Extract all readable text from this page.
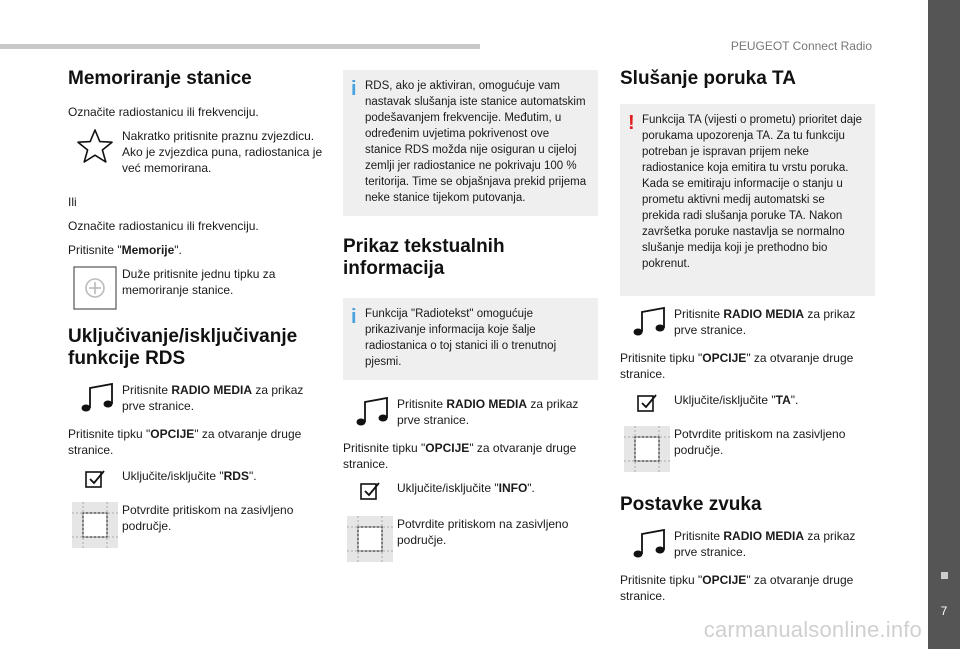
PEUGEOT Connect Radio
7
carmanualsonline.info
Memoriranje stanice

Označite radiostanicu ili frekvenciju.

Nakratko pritisnite praznu zvjezdicu. Ako je zvjezdica puna, radiostanica je već memorirana.

Ili

Označite radiostanicu ili frekvenciju.

Pritisnite "Memorije".

Duže pritisnite jednu tipku za memoriranje stanice.
Uključivanje/isključivanje funkcije RDS
Pritisnite RADIO MEDIA za prikaz prve stranice.

Pritisnite tipku "OPCIJE" za otvaranje druge stranice.

Uključite/isključite "RDS".
Potvrdite pritiskom na zasivljeno područje.
i RDS, ako je aktiviran, omogućuje vam nastavak slušanja iste stanice automatskim podešavanjem frekvencije. Međutim, u određenim uvjetima pokrivenost ove stanice RDS možda nije osiguran u cijeloj zemlji jer radiostanice ne pokrivaju 100 % teritorija. Time se objašnjava prekid prijema neke stanice tijekom putovanja.
Prikaz tekstualnih informacija
i Funkcija "Radiotekst" omogućuje prikazivanje informacija koje šalje radiostanica o toj stanici ili o trenutnoj pjesmi.
Pritisnite RADIO MEDIA za prikaz prve stranice.

Pritisnite tipku "OPCIJE" za otvaranje druge stranice.

Uključite/isključite "INFO".
Potvrdite pritiskom na zasivljeno područje.
Slušanje poruka TA
! Funkcija TA (vijesti o prometu) prioritet daje porukama upozorenja TA. Za tu funkciju potreban je ispravan prijem neke radiostanice koja emitira tu vrstu poruka. Kada se emitiraju informacije o stanju u prometu aktivni medij automatski se prekida radi slušanja poruke TA. Nakon završetka poruke nastavlja se normalno slušanje medija koji je prethodno bio pokrenut.
Pritisnite RADIO MEDIA za prikaz prve stranice.

Pritisnite tipku "OPCIJE" za otvaranje druge stranice.

Uključite/isključite "TA".
Potvrdite pritiskom na zasivljeno područje.
Postavke zvuka
Pritisnite RADIO MEDIA za prikaz prve stranice.

Pritisnite tipku "OPCIJE" za otvaranje druge stranice.
